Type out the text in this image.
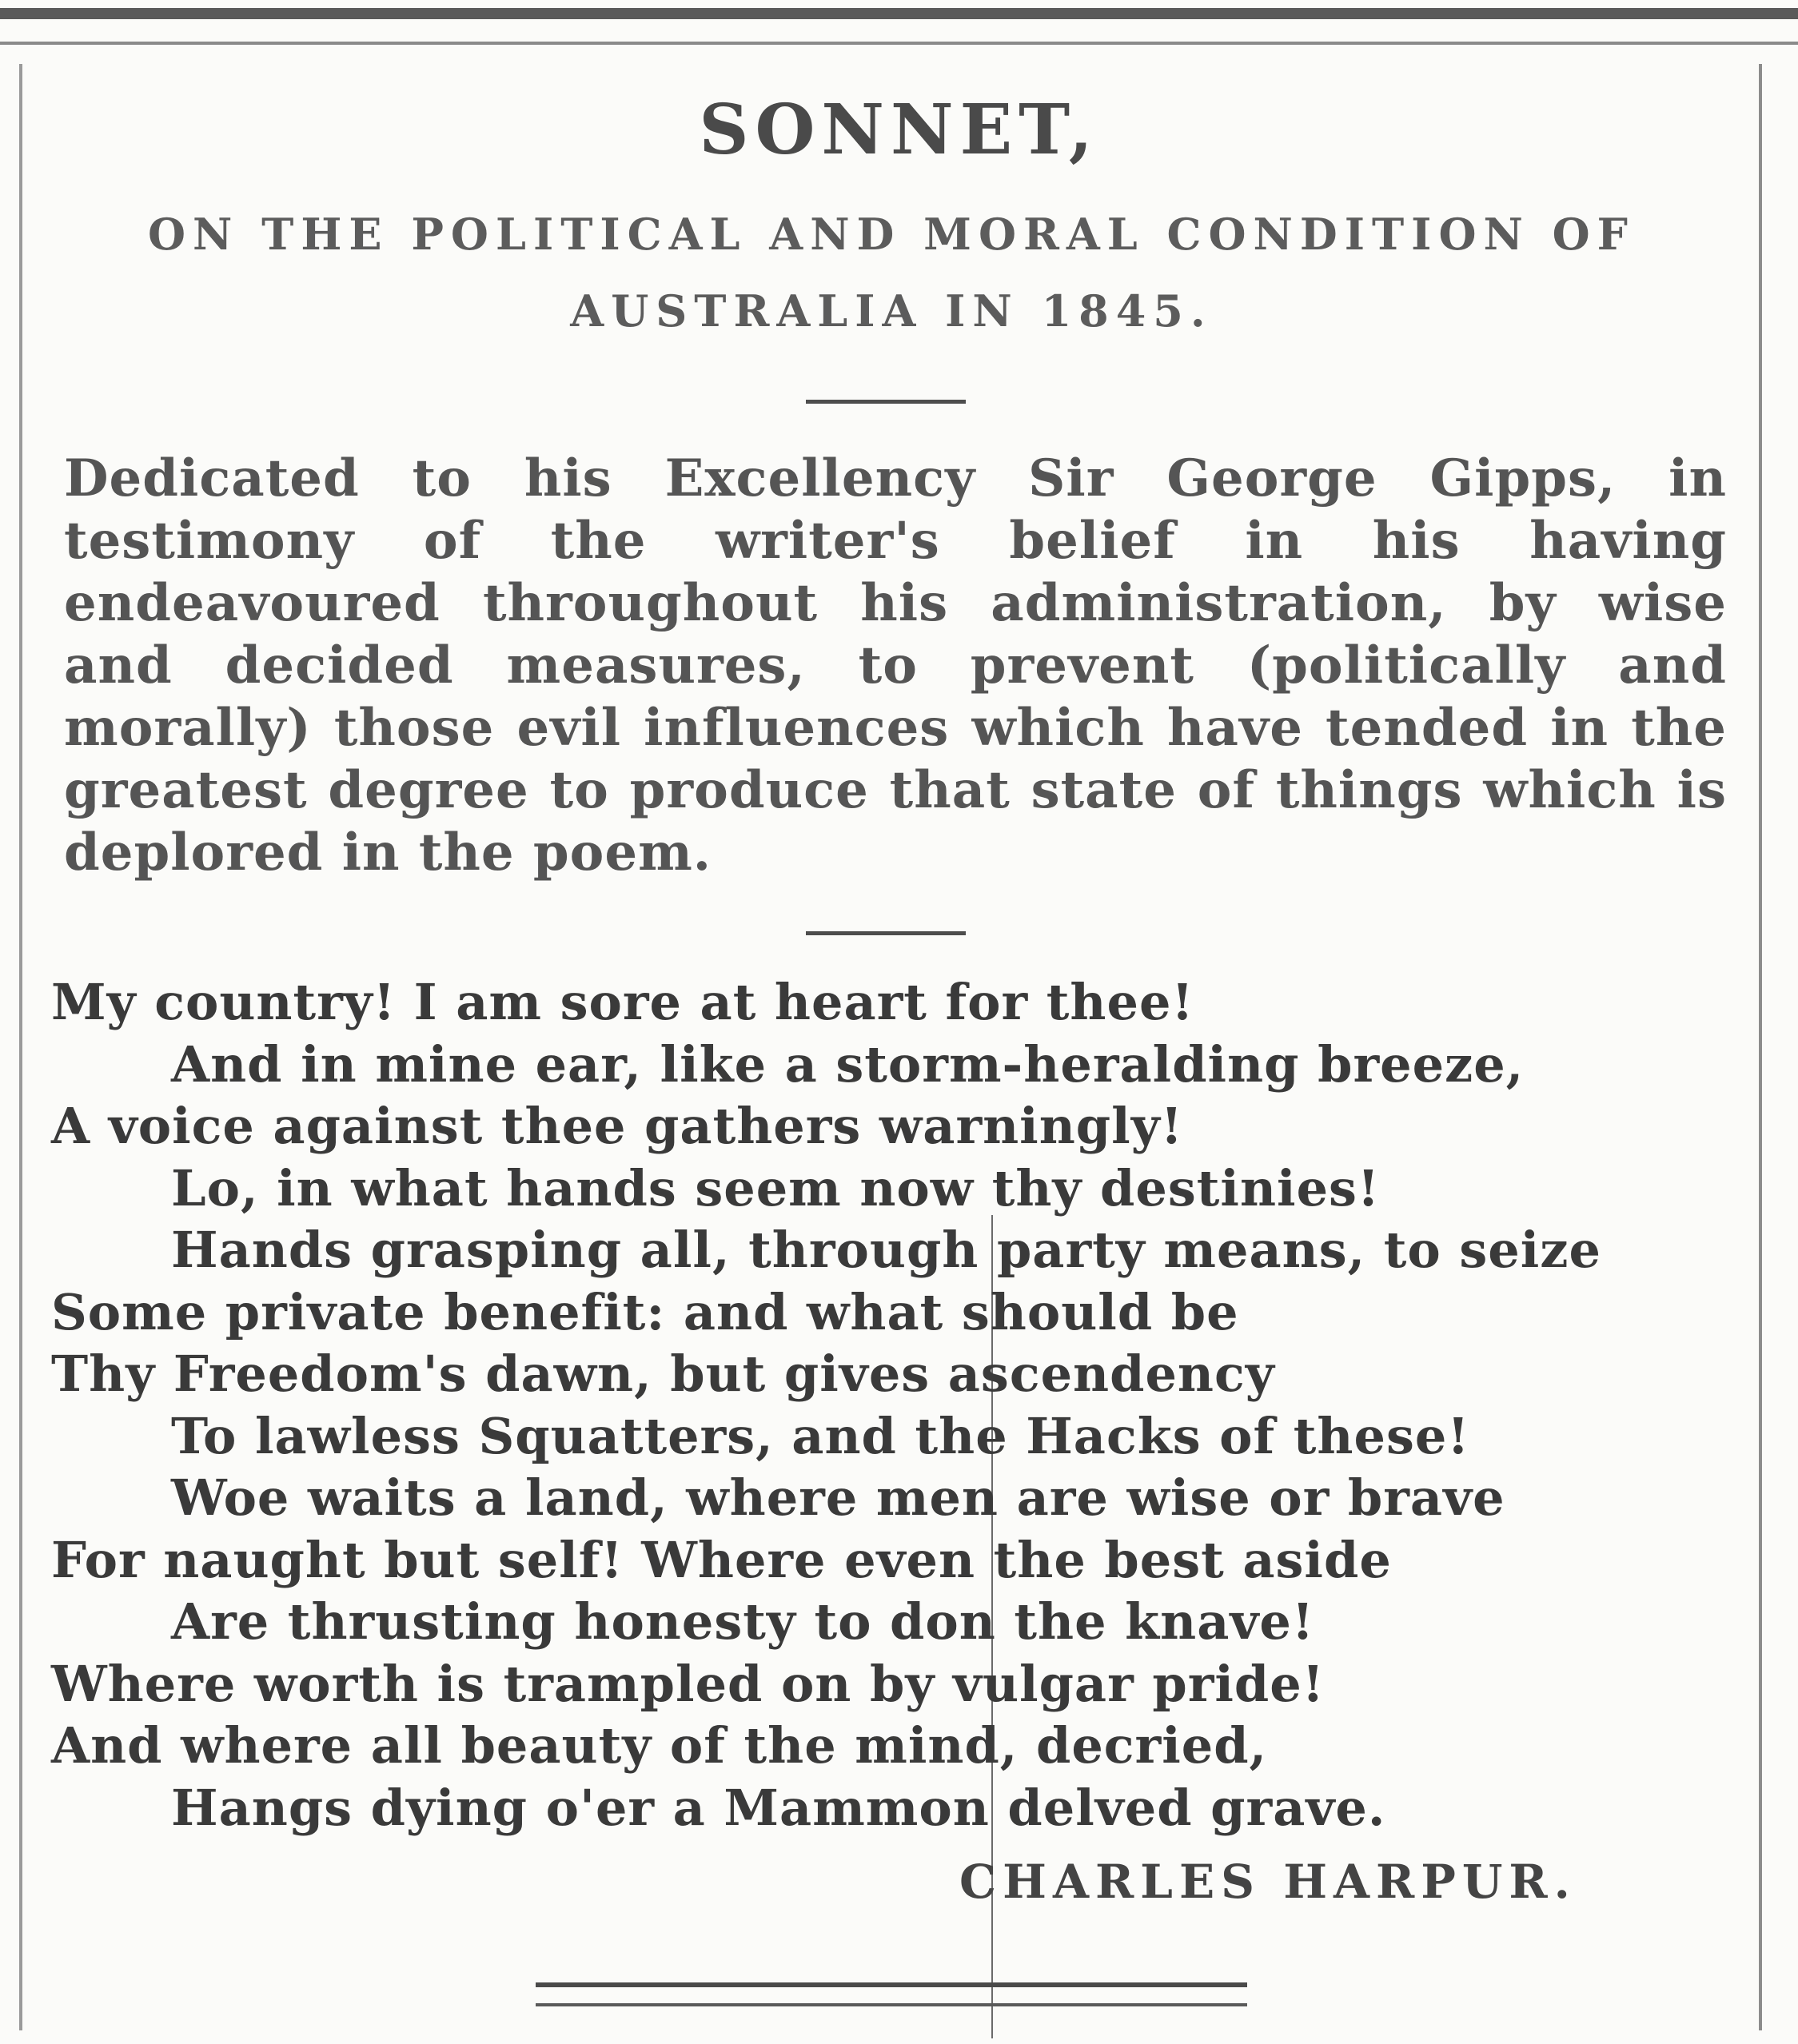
SONNET,
ON THE POLITICAL AND MORAL CONDITION OF
AUSTRALIA IN 1845.
Dedicated to his Excellency Sir George Gipps, in testimony of the writer's belief in his having endeavoured throughout his administration, by wise and decided measures, to prevent (politically and morally) those evil influences which have tended in the greatest degree to produce that state of things which is deplored in the poem.
My country! I am sore at heart for thee!
And in mine ear, like a storm-heralding breeze,
A voice against thee gathers warningly!
Lo, in what hands seem now thy destinies!
Hands grasping all, through party means, to seize
Some private benefit: and what should be
Thy Freedom's dawn, but gives ascendency
To lawless Squatters, and the Hacks of these!
Woe waits a land, where men are wise or brave
For naught but self! Where even the best aside
Are thrusting honesty to don the knave!
Where worth is trampled on by vulgar pride!
And where all beauty of the mind, decried,
Hangs dying o'er a Mammon delved grave.
CHARLES HARPUR.
